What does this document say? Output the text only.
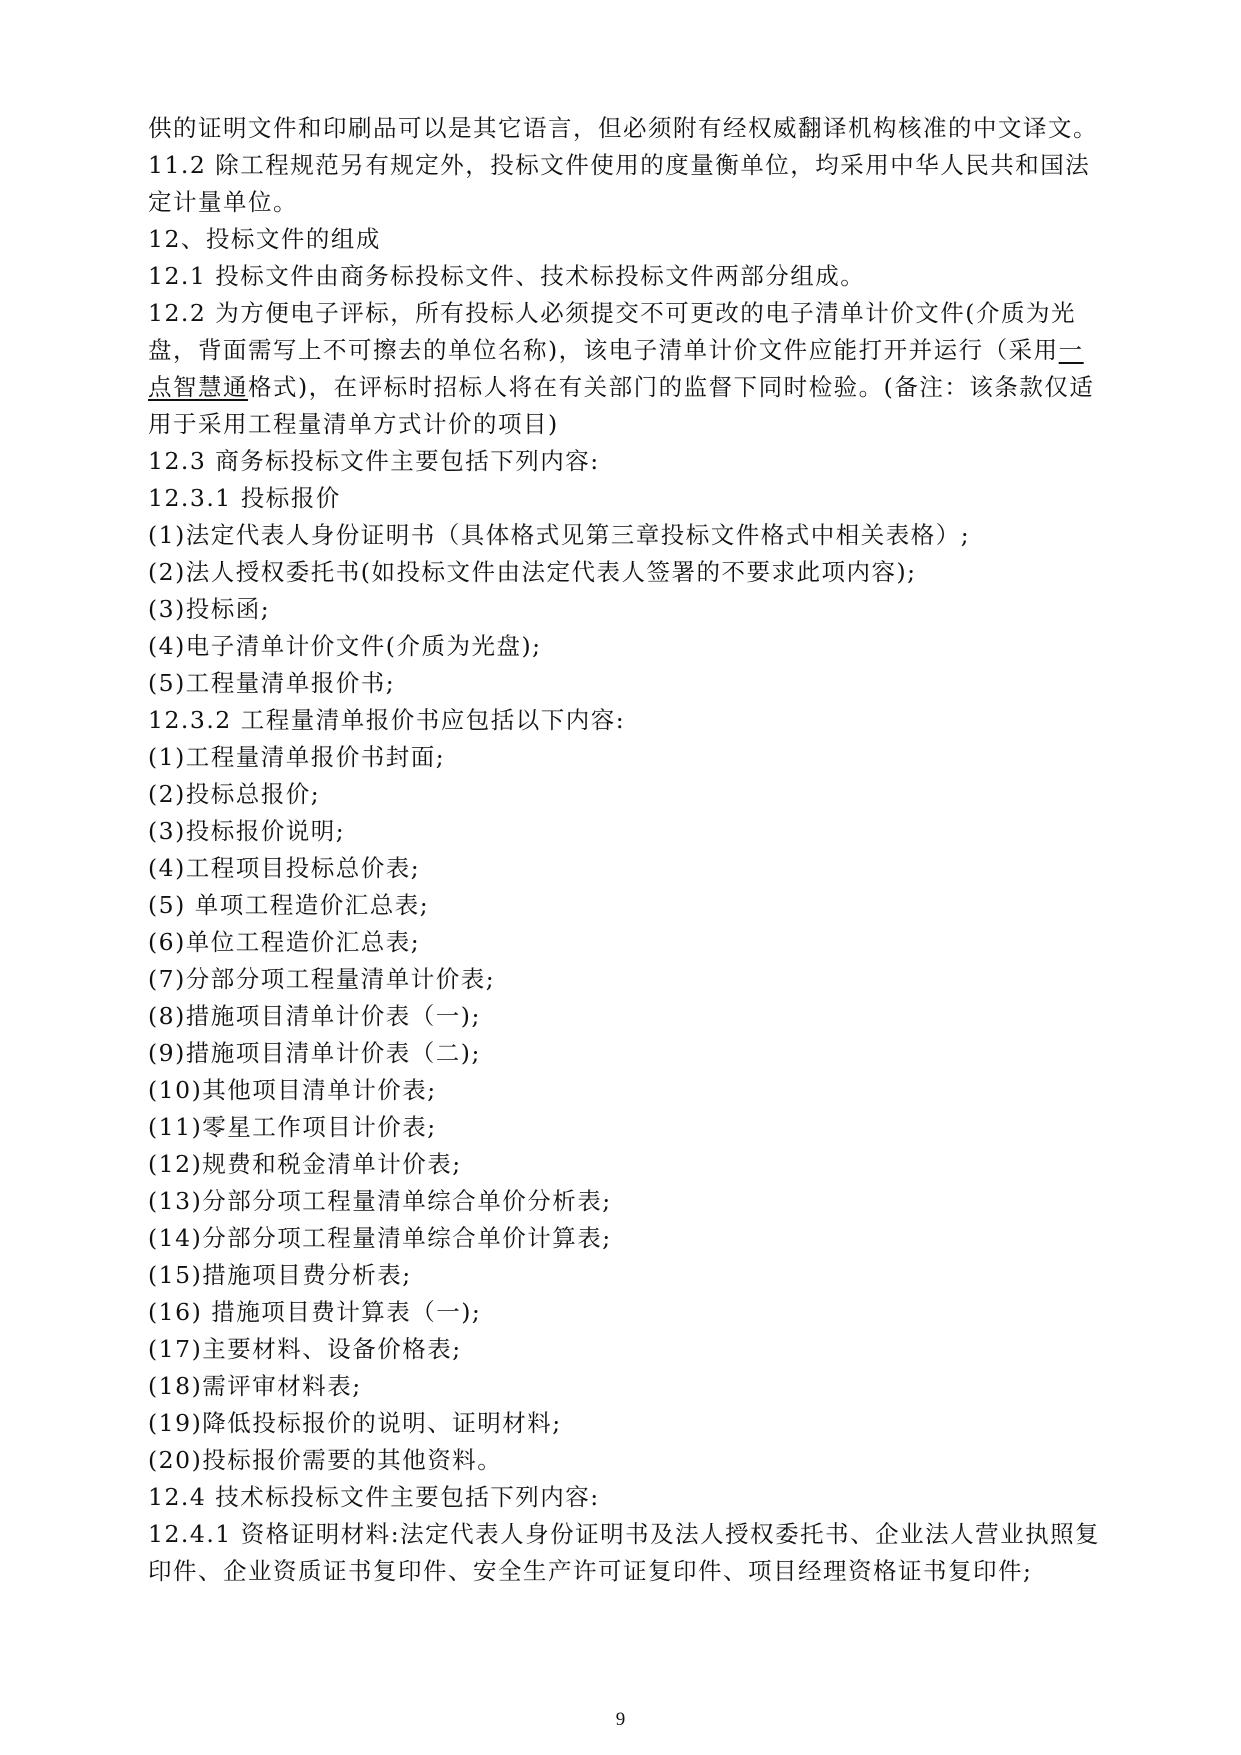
供的证明文件和印刷品可以是其它语言，但必须附有经权威翻译机构核准的中文译文。
11.2 除工程规范另有规定外，投标文件使用的度量衡单位，均采用中华人民共和国法定计量单位。
12、投标文件的组成
12.1 投标文件由商务标投标文件、技术标投标文件两部分组成。
12.2 为方便电子评标，所有投标人必须提交不可更改的电子清单计价文件(介质为光盘，背面需写上不可擦去的单位名称)，该电子清单计价文件应能打开并运行（采用一点智慧通格式)，在评标时招标人将在有关部门的监督下同时检验。(备注：该条款仅适用于采用工程量清单方式计价的项目)
12.3 商务标投标文件主要包括下列内容:
12.3.1 投标报价
(1)法定代表人身份证明书（具体格式见第三章投标文件格式中相关表格）;
(2)法人授权委托书(如投标文件由法定代表人签署的不要求此项内容);
(3)投标函;
(4)电子清单计价文件(介质为光盘);
(5)工程量清单报价书;
12.3.2 工程量清单报价书应包括以下内容:
(1)工程量清单报价书封面;
(2)投标总报价;
(3)投标报价说明;
(4)工程项目投标总价表;
(5) 单项工程造价汇总表;
(6)单位工程造价汇总表;
(7)分部分项工程量清单计价表;
(8)措施项目清单计价表（一);
(9)措施项目清单计价表（二);
(10)其他项目清单计价表;
(11)零星工作项目计价表;
(12)规费和税金清单计价表;
(13)分部分项工程量清单综合单价分析表;
(14)分部分项工程量清单综合单价计算表;
(15)措施项目费分析表;
(16) 措施项目费计算表（一);
(17)主要材料、设备价格表;
(18)需评审材料表;
(19)降低投标报价的说明、证明材料;
(20)投标报价需要的其他资料。
12.4 技术标投标文件主要包括下列内容:
12.4.1 资格证明材料:法定代表人身份证明书及法人授权委托书、企业法人营业执照复印件、企业资质证书复印件、安全生产许可证复印件、项目经理资格证书复印件;
9
